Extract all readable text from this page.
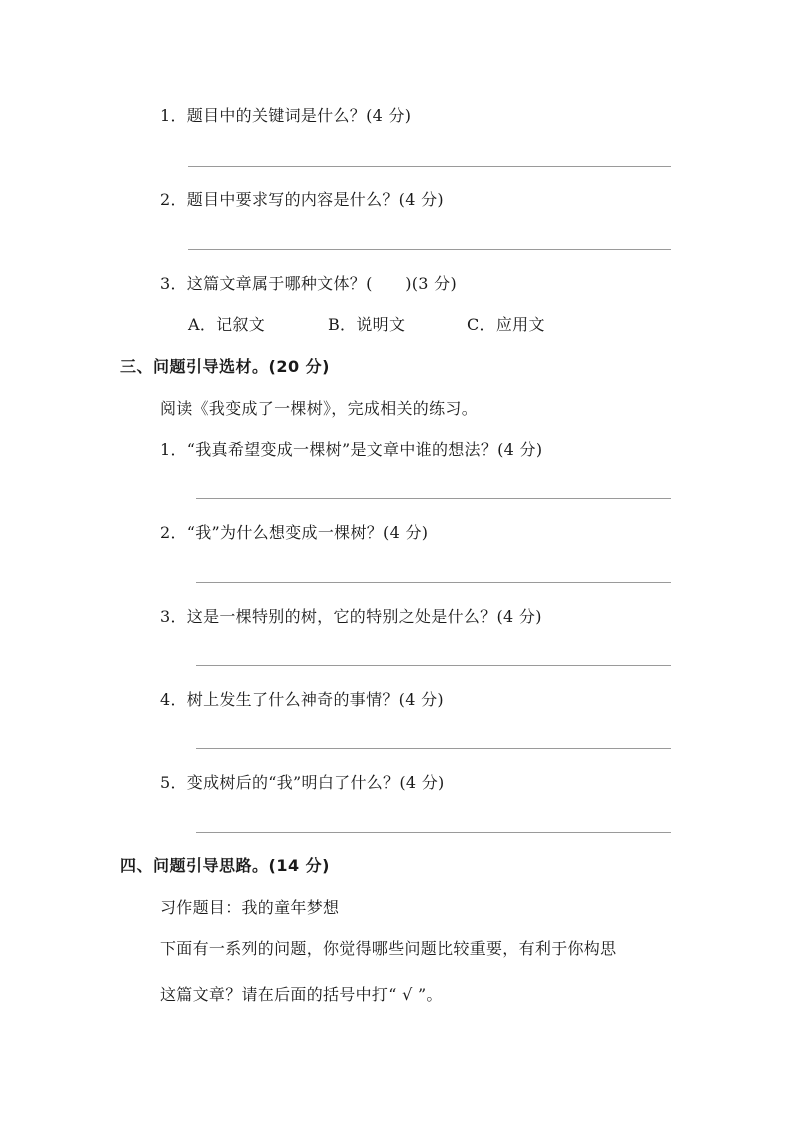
1．题目中的关键词是什么？(4 分)
2．题目中要求写的内容是什么？(4 分)
3．这篇文章属于哪种文体？(　　)(3 分)
A．记叙文	B．说明文	C．应用文
三、问题引导选材。(20 分)
阅读《我变成了一棵树》，完成相关的练习。
1．“我真希望变成一棵树”是文章中谁的想法？(4 分)
2．“我”为什么想变成一棵树？(4 分)
3．这是一棵特别的树，它的特别之处是什么？(4 分)
4．树上发生了什么神奇的事情？(4 分)
5．变成树后的“我”明白了什么？(4 分)
四、问题引导思路。(14 分)
习作题目：我的童年梦想
下面有一系列的问题，你觉得哪些问题比较重要，有利于你构思
这篇文章？请在后面的括号中打“ √ ”。
